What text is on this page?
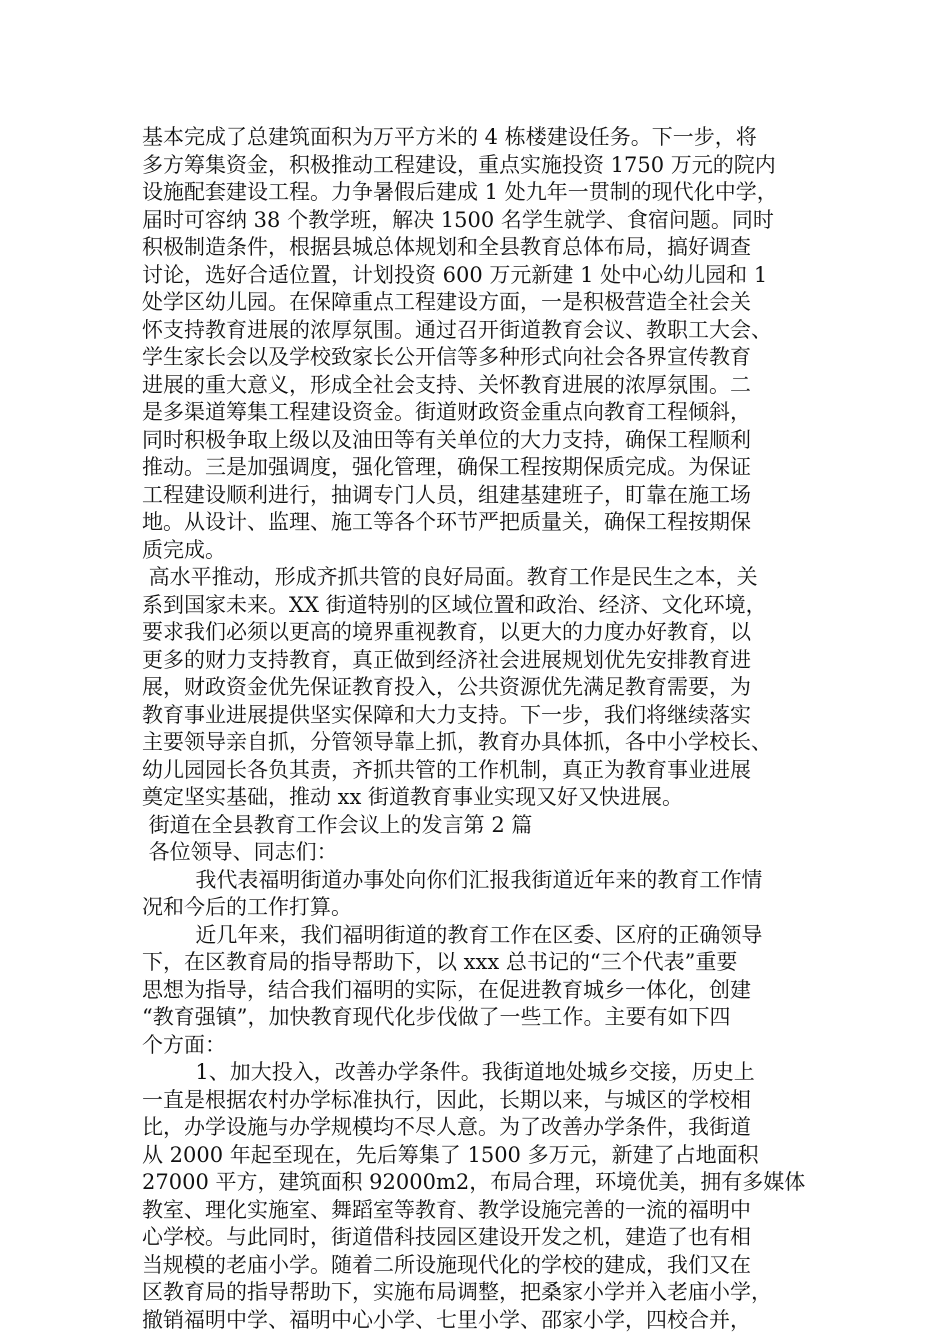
基本完成了总建筑面积为万平方米的 4 栋楼建设任务。下一步，将
多方筹集资金，积极推动工程建设，重点实施投资 1750 万元的院内
设施配套建设工程。力争暑假后建成 1 处九年一贯制的现代化中学，
届时可容纳 38 个教学班，解决 1500 名学生就学、食宿问题。同时
积极制造条件，根据县城总体规划和全县教育总体布局，搞好调查
讨论，选好合适位置，计划投资 600 万元新建 1 处中心幼儿园和 1
处学区幼儿园。在保障重点工程建设方面，一是积极营造全社会关
怀支持教育进展的浓厚氛围。通过召开街道教育会议、教职工大会、
学生家长会以及学校致家长公开信等多种形式向社会各界宣传教育
进展的重大意义，形成全社会支持、关怀教育进展的浓厚氛围。二
是多渠道筹集工程建设资金。街道财政资金重点向教育工程倾斜，
同时积极争取上级以及油田等有关单位的大力支持，确保工程顺利
推动。三是加强调度，强化管理，确保工程按期保质完成。为保证
工程建设顺利进行，抽调专门人员，组建基建班子，盯靠在施工场
地。从设计、监理、施工等各个环节严把质量关，确保工程按期保
质完成。
高水平推动，形成齐抓共管的良好局面。教育工作是民生之本，关
系到国家未来。XX 街道特别的区域位置和政治、经济、文化环境，
要求我们必须以更高的境界重视教育，以更大的力度办好教育，以
更多的财力支持教育，真正做到经济社会进展规划优先安排教育进
展，财政资金优先保证教育投入，公共资源优先满足教育需要，为
教育事业进展提供坚实保障和大力支持。下一步，我们将继续落实
主要领导亲自抓，分管领导靠上抓，教育办具体抓，各中小学校长、
幼儿园园长各负其责，齐抓共管的工作机制，真正为教育事业进展
奠定坚实基础，推动 xx 街道教育事业实现又好又快进展。
街道在全县教育工作会议上的发言第 2 篇
各位领导、同志们：
我代表福明街道办事处向你们汇报我街道近年来的教育工作情
况和今后的工作打算。
近几年来，我们福明街道的教育工作在区委、区府的正确领导
下，在区教育局的指导帮助下，以 xxx 总书记的“三个代表”重要
思想为指导，结合我们福明的实际，在促进教育城乡一体化，创建
“教育强镇”，加快教育现代化步伐做了一些工作。主要有如下四
个方面：
1、加大投入，改善办学条件。我街道地处城乡交接，历史上
一直是根据农村办学标准执行，因此，长期以来，与城区的学校相
比，办学设施与办学规模均不尽人意。为了改善办学条件，我街道
从 2000 年起至现在，先后筹集了 1500 多万元，新建了占地面积
27000 平方，建筑面积 92000m2，布局合理，环境优美，拥有多媒体
教室、理化实施室、舞蹈室等教育、教学设施完善的一流的福明中
心学校。与此同时，街道借科技园区建设开发之机，建造了也有相
当规模的老庙小学。随着二所设施现代化的学校的建成，我们又在
区教育局的指导帮助下，实施布局调整，把桑家小学并入老庙小学，
撤销福明中学、福明中心小学、七里小学、邵家小学，四校合并，
